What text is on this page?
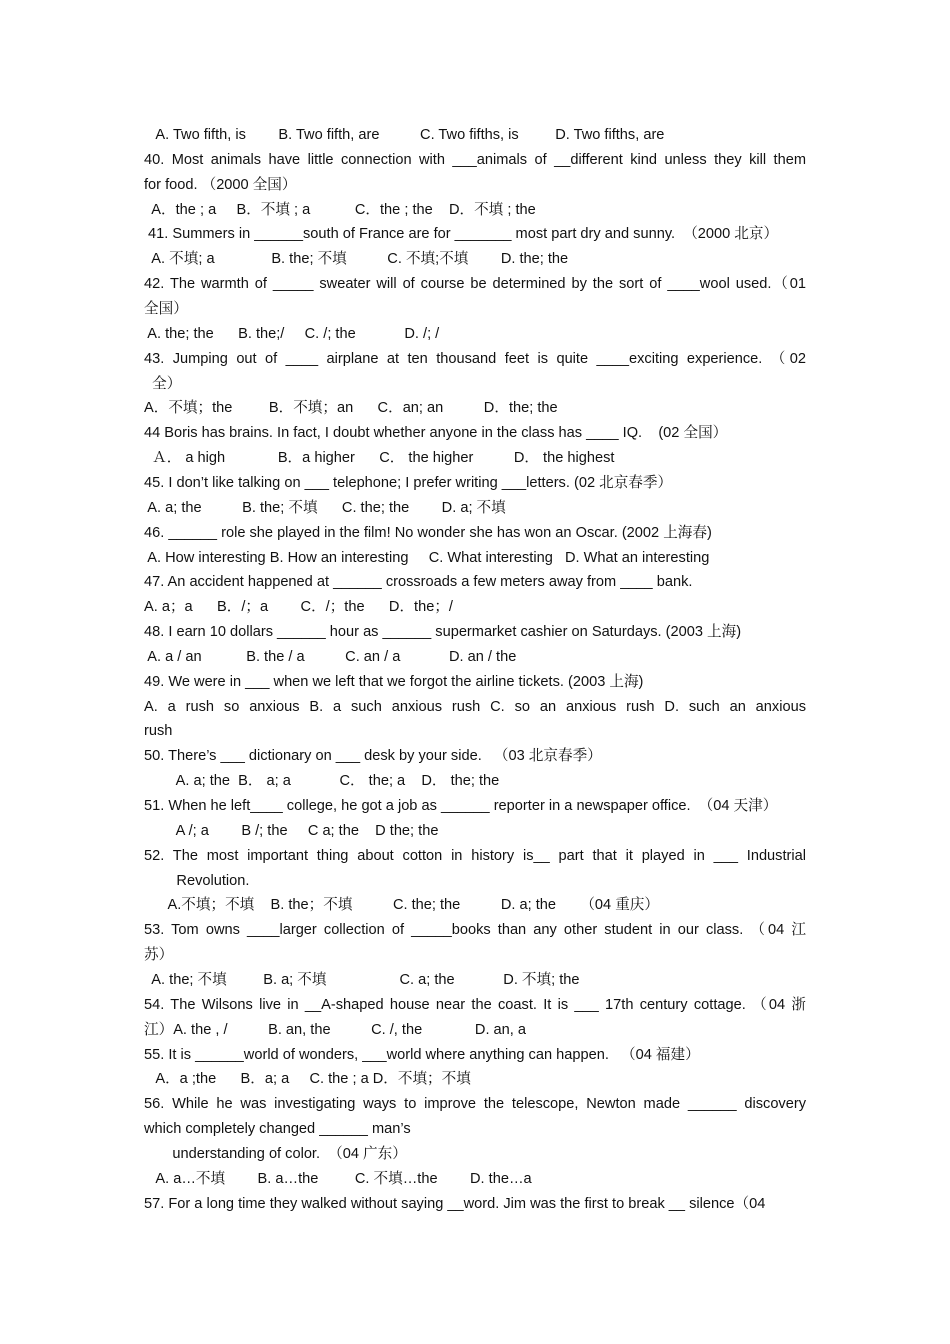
A. Two fifth, is        B. Two fifth, are          C. Two fifths, is         D. Two fifths, are
40. Most animals have little connection with ___animals of __different kind unless they kill them
for food. （2000 全国）
A．the ; a     B．不填 ; a           C．the ; the    D．不填 ; the
41. Summers in ______south of France are for _______ most part dry and sunny.  （2000 北京）
A. 不填; a              B. the; 不填          C. 不填;不填        D. the; the
42. The warmth of _____ sweater will of course be determined by the sort of ____wool used.（01
全国）
A. the; the      B. the;/     C. /; the            D. /; /
43. Jumping out of ____ airplane at ten thousand feet is quite ____exciting experience. （02
全）
A．不填；the         B．不填；an      C．an; an          D．the; the
44 Boris has brains. In fact, I doubt whether anyone in the class has ____ IQ.    (02 全国）
Ａ． a high             B．a higher      C． the higher          D． the highest
45. I don’t like talking on ___ telephone; I prefer writing ___letters. (02 北京春季）
A. a; the          B. the; 不填      C. the; the        D. a; 不填
46. ______ role she played in the film! No wonder she has won an Oscar. (2002 上海春)
A. How interesting B. How an interesting     C. What interesting   D. What an interesting
47. An accident happened at ______ crossroads a few meters away from ____ bank.
A. a；a      B．/；a        C．/；the      D．the；/
48. I earn 10 dollars ______ hour as ______ supermarket cashier on Saturdays. (2003 上海)
A. a / an           B. the / a          C. an / a            D. an / the
49. We were in ___ when we left that we forgot the airline tickets. (2003 上海)
A. a rush so anxious B. a such anxious rush C. so an anxious rush D. such an anxious
rush
50. There’s ___ dictionary on ___ desk by your side.   （03 北京春季）
A. a; the  B． a; a            C． the; a    D． the; the
51. When he left____ college, he got a job as ______ reporter in a newspaper office.  （04 天津）
A /; a        B /; the     C a; the    D the; the
52. The most important thing about cotton in history is__ part that it played in ___ Industrial
Revolution.
A.不填；不填    B. the；不填          C. the; the          D. a; the      （04 重庆）
53. Tom owns ____larger collection of _____books than any other student in our class. （04 江
苏）
A. the; 不填         B. a; 不填                  C. a; the            D. 不填; the
54. The Wilsons live in __A-shaped house near the coast. It is ___ 17th century cottage. （04 浙
江）A. the , /          B. an, the          C. /, the             D. an, a
55. It is ______world of wonders, ___world where anything can happen.   （04 福建）
A．a ;the      B．a; a     C. the ; a D．不填；不填
56. While he was investigating ways to improve the telescope, Newton made ______ discovery
which completely changed ______ man’s
understanding of color.  （04 广东）
A. a…不填        B. a…the         C. 不填…the        D. the…a
57. For a long time they walked without saying __word. Jim was the first to break __ silence（04
